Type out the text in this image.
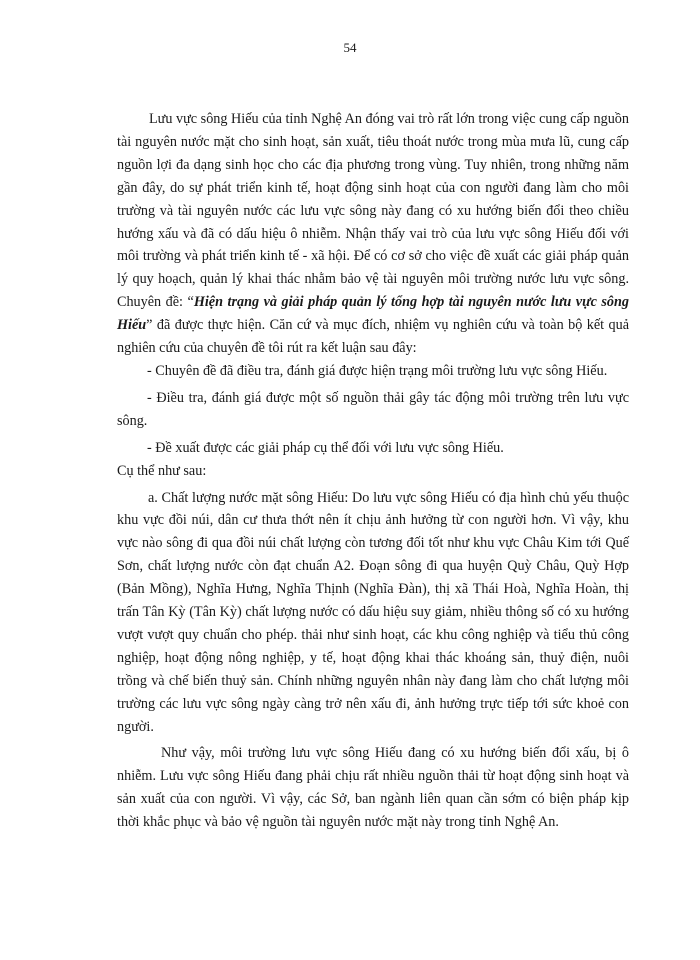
54

Lưu vực sông Hiếu của tỉnh Nghệ An đóng vai trò rất lớn trong việc cung cấp nguồn tài nguyên nước mặt cho sinh hoạt, sản xuất, tiêu thoát nước trong mùa mưa lũ, cung cấp nguồn lợi đa dạng sinh học cho các địa phương trong vùng. Tuy nhiên, trong những năm gần đây, do sự phát triển kinh tế, hoạt động sinh hoạt của con người đang làm cho môi trường và tài nguyên nước các lưu vực sông này đang có xu hướng biến đổi theo chiều hướng xấu và đã có dấu hiệu ô nhiễm. Nhận thấy vai trò của lưu vực sông Hiếu đối với môi trường và phát triển kinh tế - xã hội. Để có cơ sở cho việc đề xuất các giải pháp quản lý quy hoạch, quản lý khai thác nhằm bảo vệ tài nguyên môi trường nước lưu vực sông. Chuyên đề: “Hiện trạng và giải pháp quản lý tổng hợp tài nguyên nước lưu vực sông Hiếu” đã được thực hiện. Căn cứ và mục đích, nhiệm vụ nghiên cứu và toàn bộ kết quả nghiên cứu của chuyên đề tôi rút ra kết luận sau đây:

- Chuyên đề đã điều tra, đánh giá được hiện trạng môi trường lưu vực sông Hiếu.

- Điều tra, đánh giá được một số nguồn thải gây tác động môi trường trên lưu vực sông.

- Đề xuất được các giải pháp cụ thể đối với lưu vực sông Hiếu.

Cụ thể như sau:

a. Chất lượng nước mặt sông Hiếu: Do lưu vực sông Hiếu có địa hình chủ yếu thuộc khu vực đồi núi, dân cư thưa thớt nên ít chịu ảnh hưởng từ con người hơn. Vì vậy, khu vực nào sông đi qua đồi núi chất lượng còn tương đối tốt như khu vực Châu Kim tới Quế Sơn, chất lượng nước còn đạt chuẩn A2. Đoạn sông đi qua huyện Quỳ Châu, Quỳ Hợp (Bản Mồng), Nghĩa Hưng, Nghĩa Thịnh (Nghĩa Đàn), thị xã Thái Hoà, Nghĩa Hoàn, thị trấn Tân Kỳ (Tân Kỳ) chất lượng nước có dấu hiệu suy giảm, nhiều thông số có xu hướng vượt vượt quy chuẩn cho phép. thải như sinh hoạt, các khu công nghiệp và tiểu thủ công nghiệp, hoạt động nông nghiệp, y tế, hoạt động khai thác khoáng sản, thuỷ điện, nuôi trồng và chế biến thuỷ sản. Chính những nguyên nhân này đang làm cho chất lượng môi trường các lưu vực sông ngày càng trở nên xấu đi, ảnh hưởng trực tiếp tới sức khoẻ con người.

Như vậy, môi trường lưu vực sông Hiếu đang có xu hướng biến đổi xấu, bị ô nhiễm. Lưu vực sông Hiếu đang phải chịu rất nhiều nguồn thải từ hoạt động sinh hoạt và sản xuất của con người. Vì vậy, các Sở, ban ngành liên quan cần sớm có biện pháp kịp thời khắc phục và bảo vệ nguồn tài nguyên nước mặt này trong tỉnh Nghệ An.
